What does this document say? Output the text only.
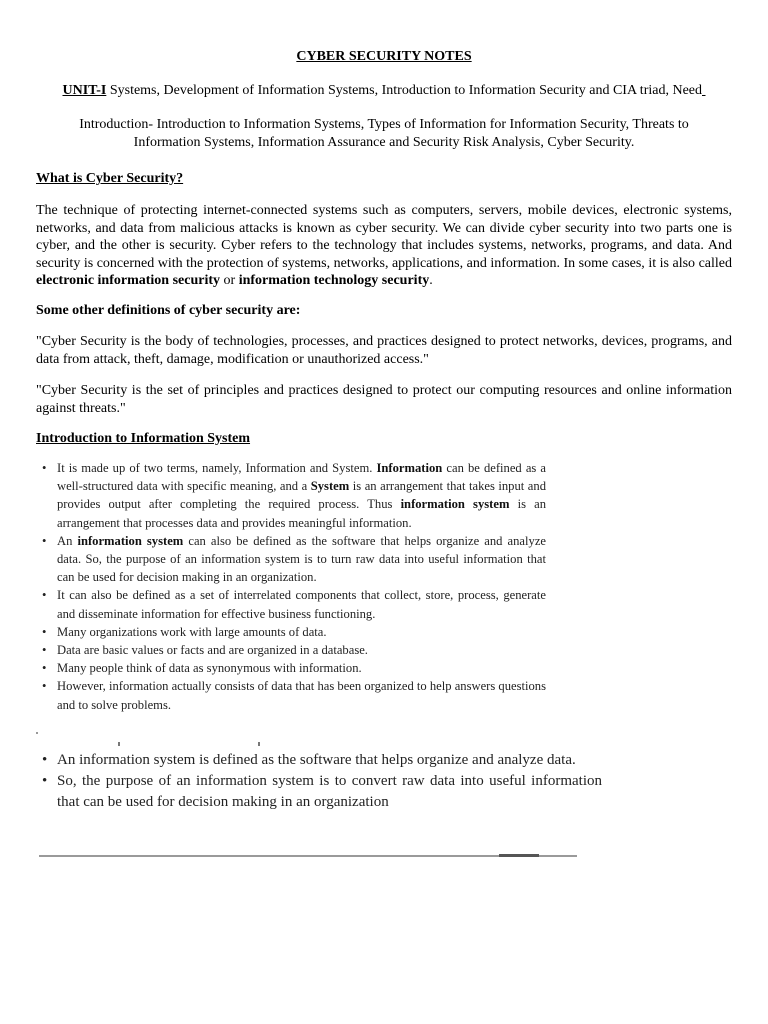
CYBER SECURITY NOTES
UNIT-I Systems, Development of Information Systems, Introduction to Information Security and CIA triad, Need
Introduction- Introduction to Information Systems, Types of Information for Information Security, Threats to Information Systems, Information Assurance and Security Risk Analysis, Cyber Security.
What is Cyber Security?
The technique of protecting internet-connected systems such as computers, servers, mobile devices, electronic systems, networks, and data from malicious attacks is known as cyber security. We can divide cyber security into two parts one is cyber, and the other is security. Cyber refers to the technology that includes systems, networks, programs, and data. And security is concerned with the protection of systems, networks, applications, and information. In some cases, it is also called electronic information security or information technology security.
Some other definitions of cyber security are:
"Cyber Security is the body of technologies, processes, and practices designed to protect networks, devices, programs, and data from attack, theft, damage, modification or unauthorized access."
"Cyber Security is the set of principles and practices designed to protect our computing resources and online information against threats."
Introduction to Information System
• It is made up of two terms, namely, Information and System. Information can be defined as a well-structured data with specific meaning, and a System is an arrangement that takes input and provides output after completing the required process. Thus information system is an arrangement that processes data and provides meaningful information.
• An information system can also be defined as the software that helps organize and analyze data. So, the purpose of an information system is to turn raw data into useful information that can be used for decision making in an organization.
• It can also be defined as a set of interrelated components that collect, store, process, generate and disseminate information for effective business functioning.
• Many organizations work with large amounts of data.
• Data are basic values or facts and are organized in a database.
• Many people think of data as synonymous with information.
• However, information actually consists of data that has been organized to help answers questions and to solve problems.
• An information system is defined as the software that helps organize and analyze data.
• So, the purpose of an information system is to convert raw data into useful information that can be used for decision making in an organization
